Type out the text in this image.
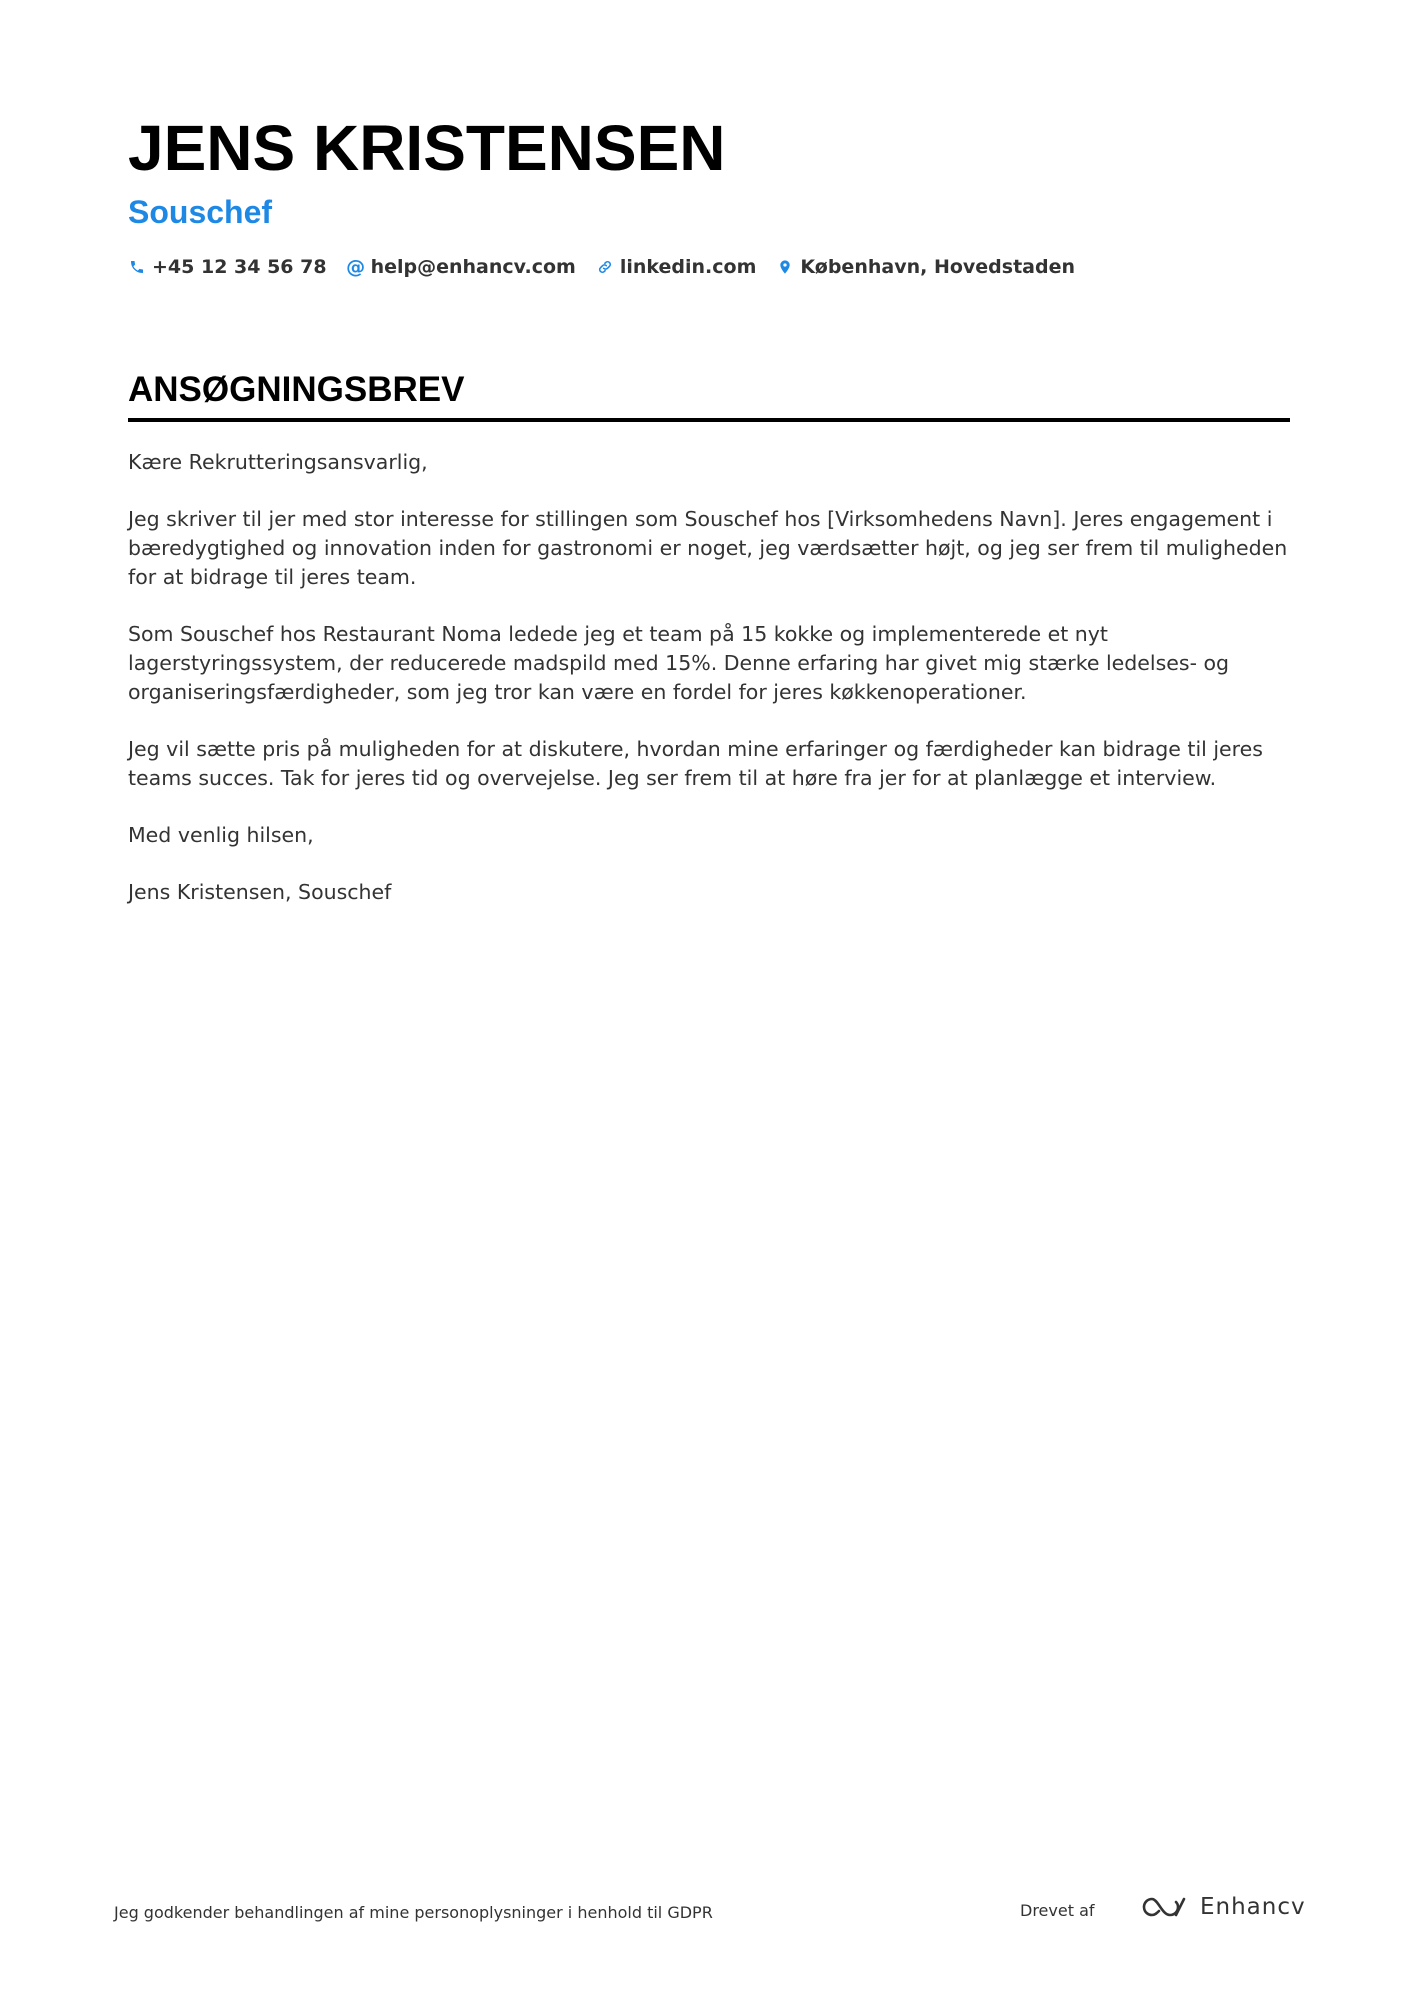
JENS KRISTENSEN
Souschef
+45 12 34 56 78 @ help@enhancv.com linkedin.com København, Hovedstaden
ANSØGNINGSBREV

Kære Rekrutteringsansvarlig,

Jeg skriver til jer med stor interesse for stillingen som Souschef hos [Virksomhedens Navn]. Jeres engagement i bæredygtighed og innovation inden for gastronomi er noget, jeg værdsætter højt, og jeg ser frem til muligheden for at bidrage til jeres team.

Som Souschef hos Restaurant Noma ledede jeg et team på 15 kokke og implementerede et nyt lagerstyringssystem, der reducerede madspild med 15%. Denne erfaring har givet mig stærke ledelses- og organiseringsfærdigheder, som jeg tror kan være en fordel for jeres køkkenoperationer.

Jeg vil sætte pris på muligheden for at diskutere, hvordan mine erfaringer og færdigheder kan bidrage til jeres teams succes. Tak for jeres tid og overvejelse. Jeg ser frem til at høre fra jer for at planlægge et interview.

Med venlig hilsen,

Jens Kristensen, Souschef

Jeg godkender behandlingen af mine personoplysninger i henhold til GDPR	Drevet af	Enhancv
